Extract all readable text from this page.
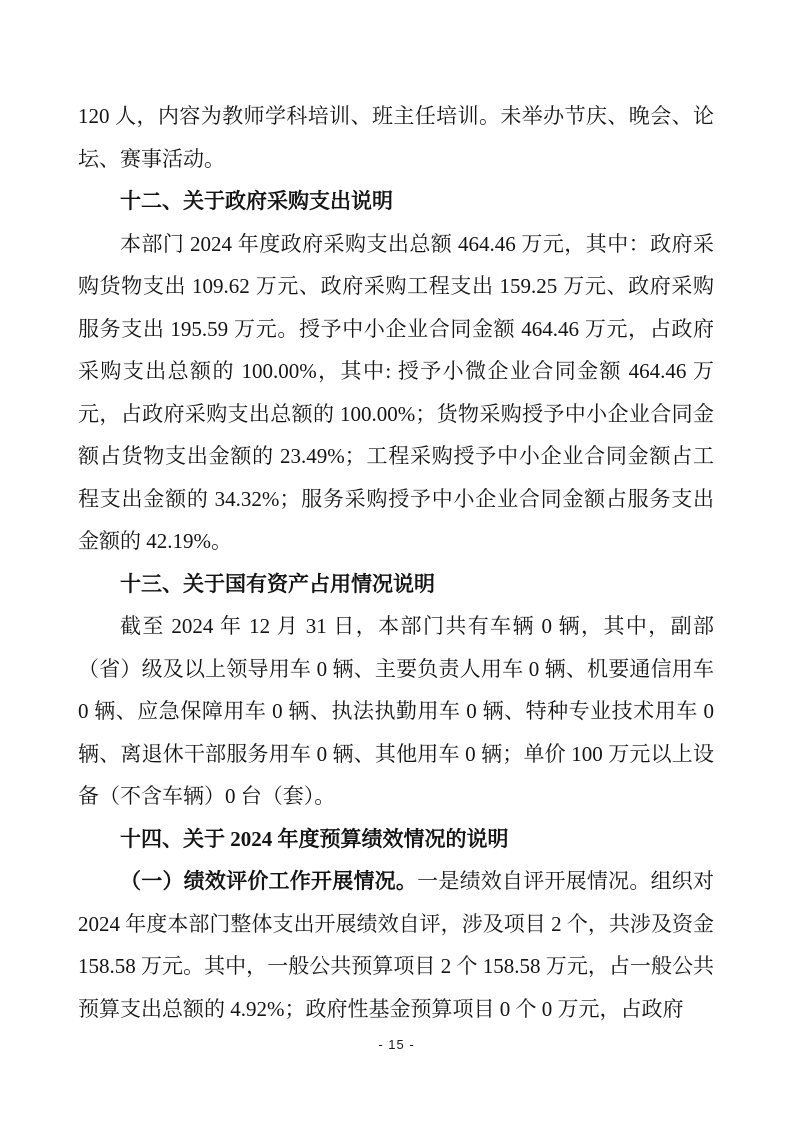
120 人，内容为教师学科培训、班主任培训。未举办节庆、晚会、论坛、赛事活动。

十二、关于政府采购支出说明

本部门 2024 年度政府采购支出总额 464.46 万元，其中：政府采购货物支出 109.62 万元、政府采购工程支出 159.25 万元、政府采购服务支出 195.59 万元。授予中小企业合同金额 464.46 万元，占政府采购支出总额的 100.00%，其中: 授予小微企业合同金额 464.46 万元，占政府采购支出总额的 100.00%；货物采购授予中小企业合同金额占货物支出金额的 23.49%；工程采购授予中小企业合同金额占工程支出金额的 34.32%；服务采购授予中小企业合同金额占服务支出金额的 42.19%。

十三、关于国有资产占用情况说明

截至 2024 年 12 月 31 日，本部门共有车辆 0 辆，其中，副部（省）级及以上领导用车 0 辆、主要负责人用车 0 辆、机要通信用车 0 辆、应急保障用车 0 辆、执法执勤用车 0 辆、特种专业技术用车 0 辆、离退休干部服务用车 0 辆、其他用车 0 辆；单价 100 万元以上设备（不含车辆）0 台（套）。

十四、关于 2024 年度预算绩效情况的说明

（一）绩效评价工作开展情况。一是绩效自评开展情况。组织对 2024 年度本部门整体支出开展绩效自评，涉及项目 2 个，共涉及资金 158.58 万元。其中，一般公共预算项目 2 个 158.58 万元，占一般公共预算支出总额的 4.92%；政府性基金预算项目 0 个 0 万元，占政府

- 15 -
